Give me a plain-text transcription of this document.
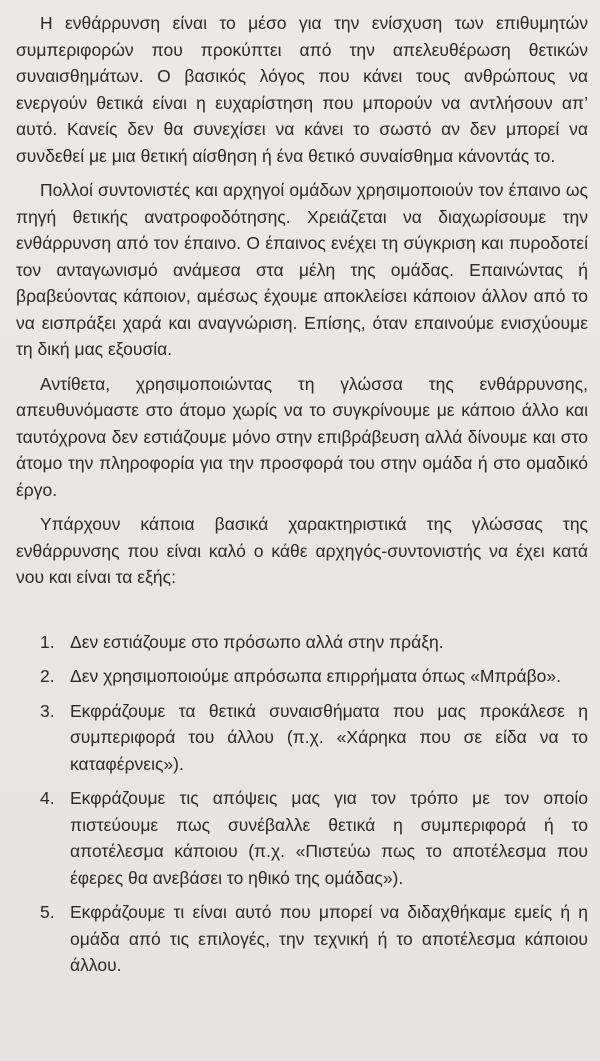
Η ενθάρρυνση είναι το μέσο για την ενίσχυση των επιθυμητών συμπεριφορών που προκύπτει από την απελευθέρωση θετικών συναισθημάτων. Ο βασικός λόγος που κάνει τους ανθρώπους να ενεργούν θετικά είναι η ευχαρίστηση που μπορούν να αντλήσουν απ’ αυτό. Κανείς δεν θα συνεχίσει να κάνει το σωστό αν δεν μπορεί να συνδεθεί με μια θετική αίσθηση ή ένα θετικό συναίσθημα κάνοντάς το.

Πολλοί συντονιστές και αρχηγοί ομάδων χρησιμοποιούν τον έπαινο ως πηγή θετικής ανατροφοδότησης. Χρειάζεται να διαχωρίσουμε την ενθάρρυνση από τον έπαινο. Ο έπαινος ενέχει τη σύγκριση και πυροδοτεί τον ανταγωνισμό ανάμεσα στα μέλη της ομάδας. Επαινώντας ή βραβεύοντας κάποιον, αμέσως έχουμε αποκλείσει κάποιον άλλον από το να εισπράξει χαρά και αναγνώριση. Επίσης, όταν επαινούμε ενισχύουμε τη δική μας εξουσία.

Αντίθετα, χρησιμοποιώντας τη γλώσσα της ενθάρρυνσης, απευθυνόμαστε στο άτομο χωρίς να το συγκρίνουμε με κάποιο άλλο και ταυτόχρονα δεν εστιάζουμε μόνο στην επιβράβευση αλλά δίνουμε και στο άτομο την πληροφορία για την προσφορά του στην ομάδα ή στο ομαδικό έργο.

Υπάρχουν κάποια βασικά χαρακτηριστικά της γλώσσας της ενθάρρυνσης που είναι καλό ο κάθε αρχηγός-συντονιστής να έχει κατά νου και είναι τα εξής:

1. Δεν εστιάζουμε στο πρόσωπο αλλά στην πράξη.
2. Δεν χρησιμοποιούμε απρόσωπα επιρρήματα όπως «Μπράβο».
3. Εκφράζουμε τα θετικά συναισθήματα που μας προκάλεσε η συμπεριφορά του άλλου (π.χ. «Χάρηκα που σε είδα να το καταφέρνεις»).
4. Εκφράζουμε τις απόψεις μας για τον τρόπο με τον οποίο πιστεύουμε πως συνέβαλλε θετικά η συμπεριφορά ή το αποτέλεσμα κάποιου (π.χ. «Πιστεύω πως το αποτέλεσμα που έφερες θα ανεβάσει το ηθικό της ομάδας»).
5. Εκφράζουμε τι είναι αυτό που μπορεί να διδαχθήκαμε εμείς ή η ομάδα από τις επιλογές, την τεχνική ή το αποτέλεσμα κάποιου άλλου.
